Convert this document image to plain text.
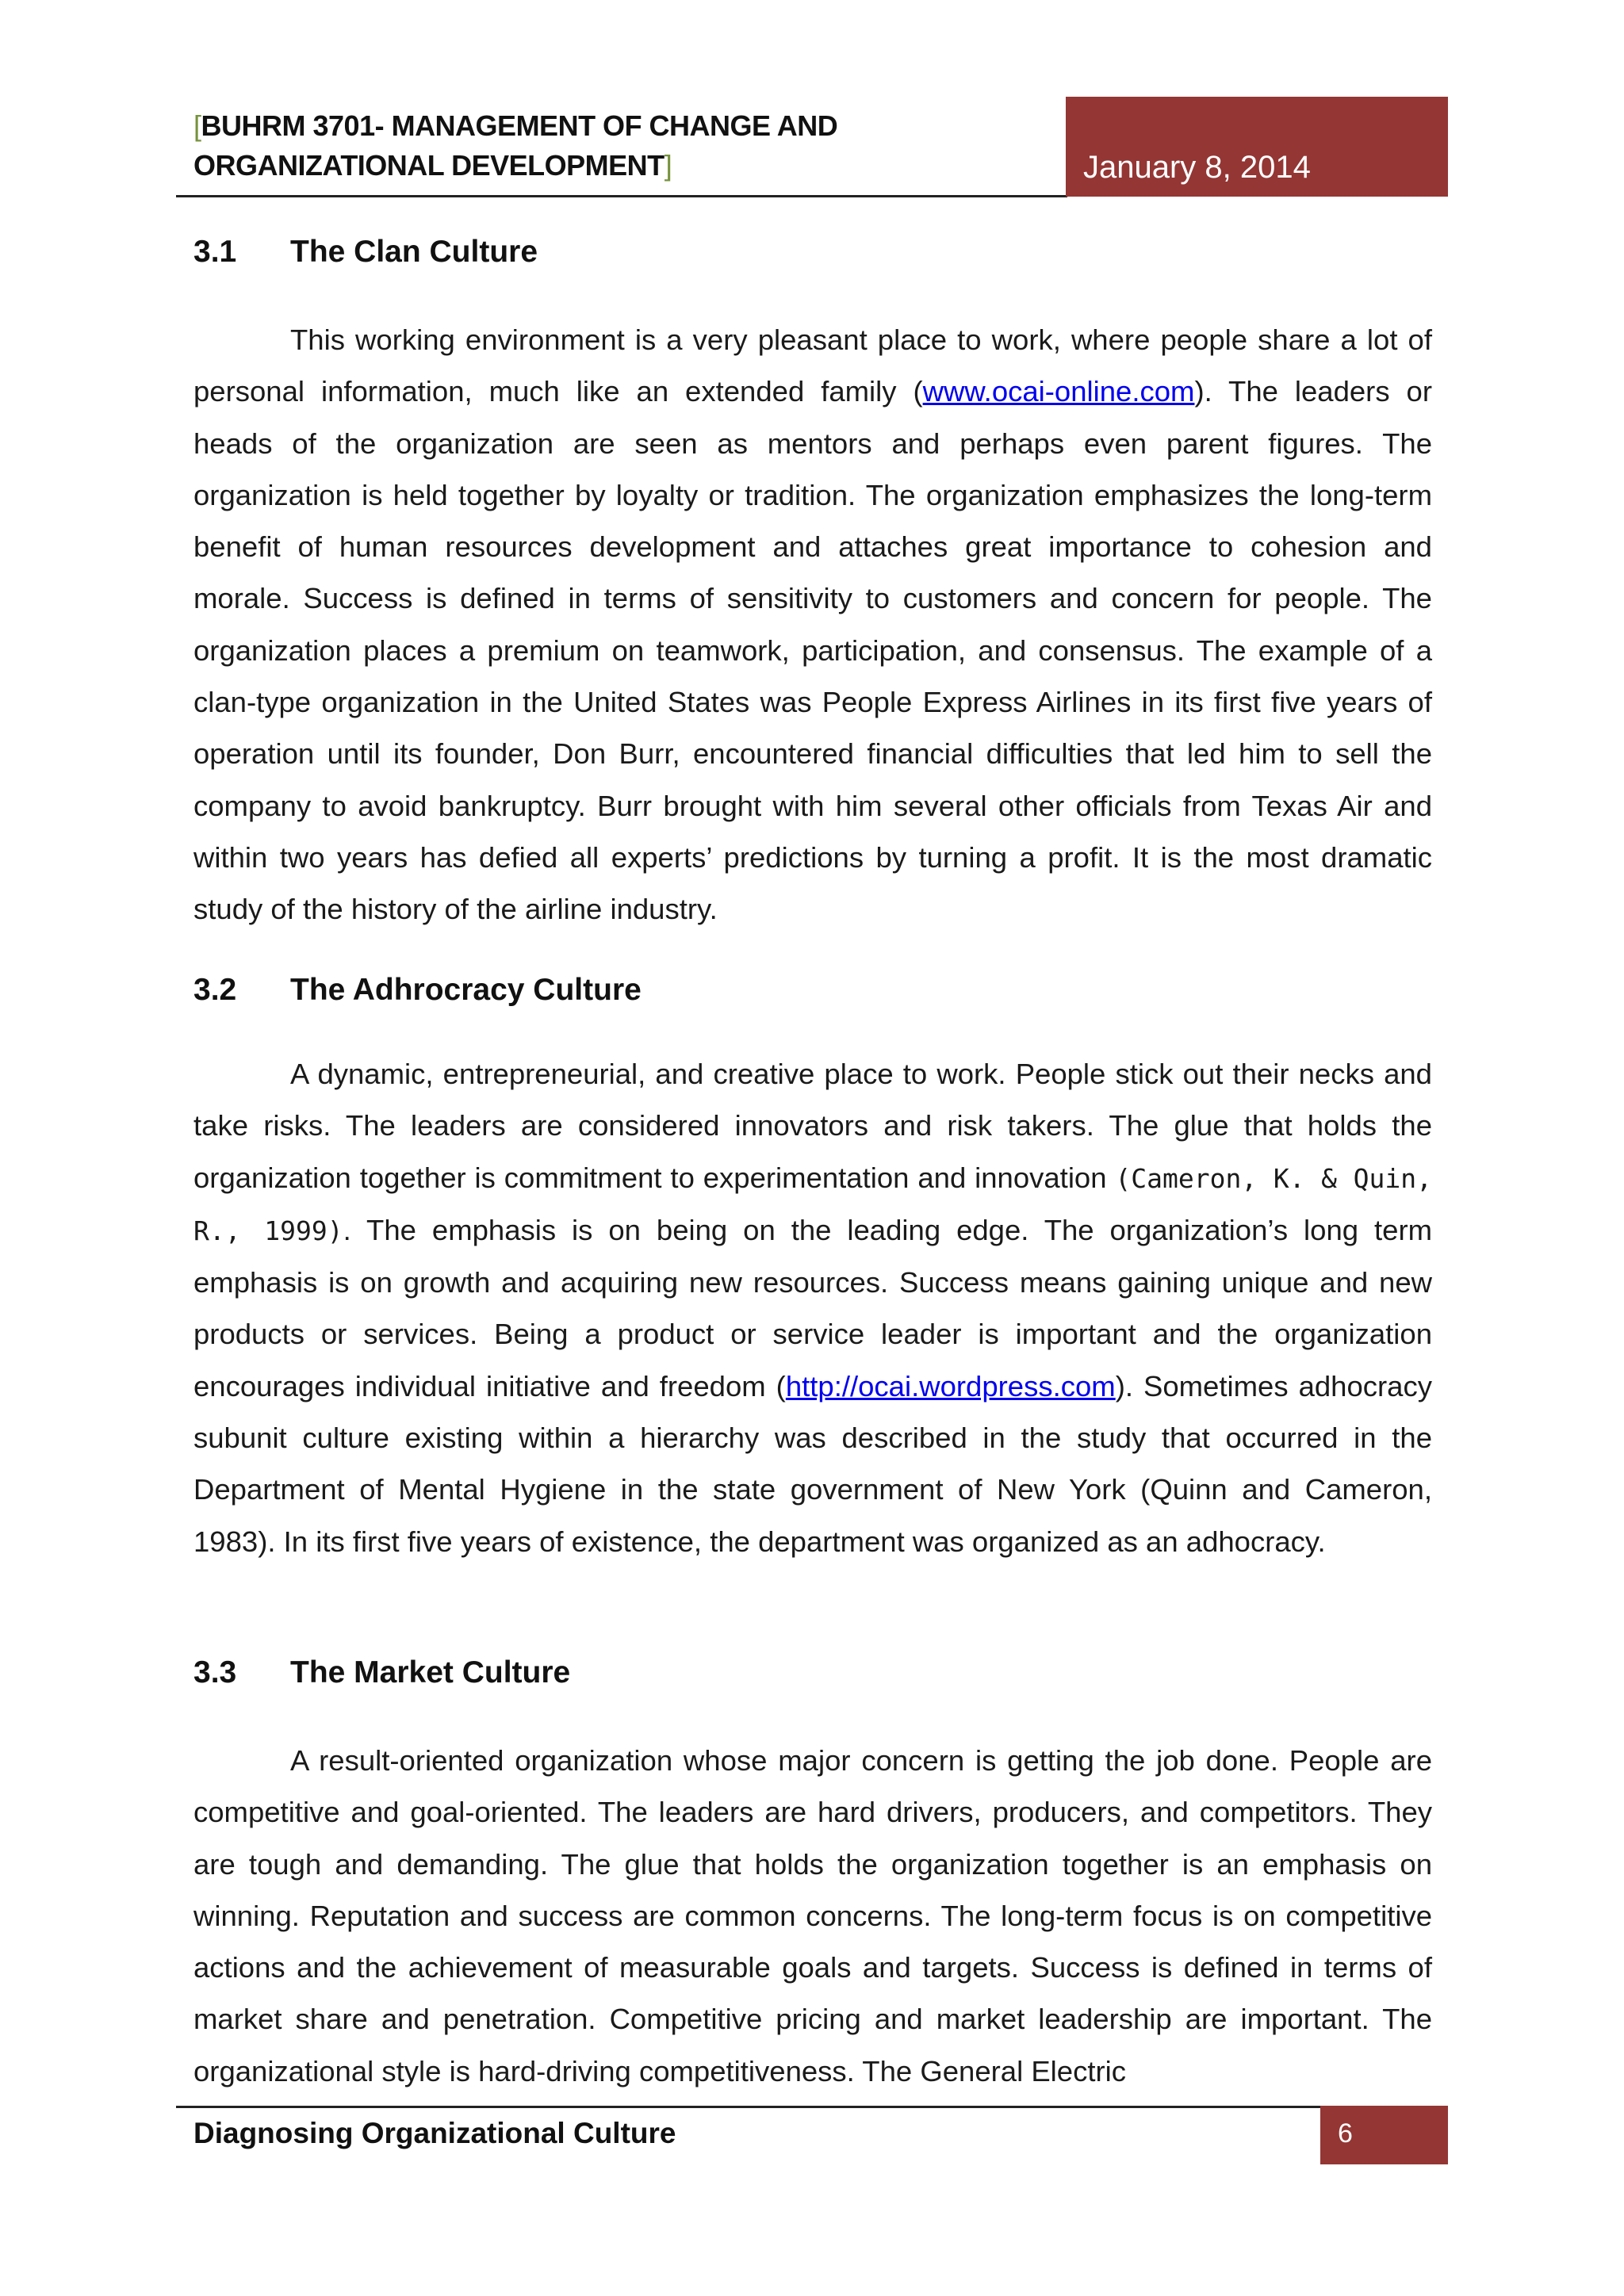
[BUHRM 3701- MANAGEMENT OF CHANGE AND
ORGANIZATIONAL DEVELOPMENT]	January 8, 2014
3.1 The Clan Culture

This working environment is a very pleasant place to work, where people share a lot of personal information, much like an extended family (www.ocai-online.com). The leaders or heads of the organization are seen as mentors and perhaps even parent figures. The organization is held together by loyalty or tradition. The organization emphasizes the long-term benefit of human resources development and attaches great importance to cohesion and morale. Success is defined in terms of sensitivity to customers and concern for people. The organization places a premium on teamwork, participation, and consensus. The example of a clan-type organization in the United States was People Express Airlines in its first five years of operation until its founder, Don Burr, encountered financial difficulties that led him to sell the company to avoid bankruptcy. Burr brought with him several other officials from Texas Air and within two years has defied all experts’ predictions by turning a profit. It is the most dramatic study of the history of the airline industry.

3.2 The Adhrocracy Culture

A dynamic, entrepreneurial, and creative place to work. People stick out their necks and take risks. The leaders are considered innovators and risk takers. The glue that holds the organization together is commitment to experimentation and innovation (Cameron, K. & Quin, R., 1999). The emphasis is on being on the leading edge. The organization’s long term emphasis is on growth and acquiring new resources. Success means gaining unique and new products or services. Being a product or service leader is important and the organization encourages individual initiative and freedom (http://ocai.wordpress.com). Sometimes adhocracy subunit culture existing within a hierarchy was described in the study that occurred in the Department of Mental Hygiene in the state government of New York (Quinn and Cameron, 1983). In its first five years of existence, the department was organized as an adhocracy.

3.3 The Market Culture

A result-oriented organization whose major concern is getting the job done. People are competitive and goal-oriented. The leaders are hard drivers, producers, and competitors. They are tough and demanding. The glue that holds the organization together is an emphasis on winning. Reputation and success are common concerns. The long-term focus is on competitive actions and the achievement of measurable goals and targets. Success is defined in terms of market share and penetration. Competitive pricing and market leadership are important. The organizational style is hard-driving competitiveness. The General Electric

Diagnosing Organizational Culture	6
